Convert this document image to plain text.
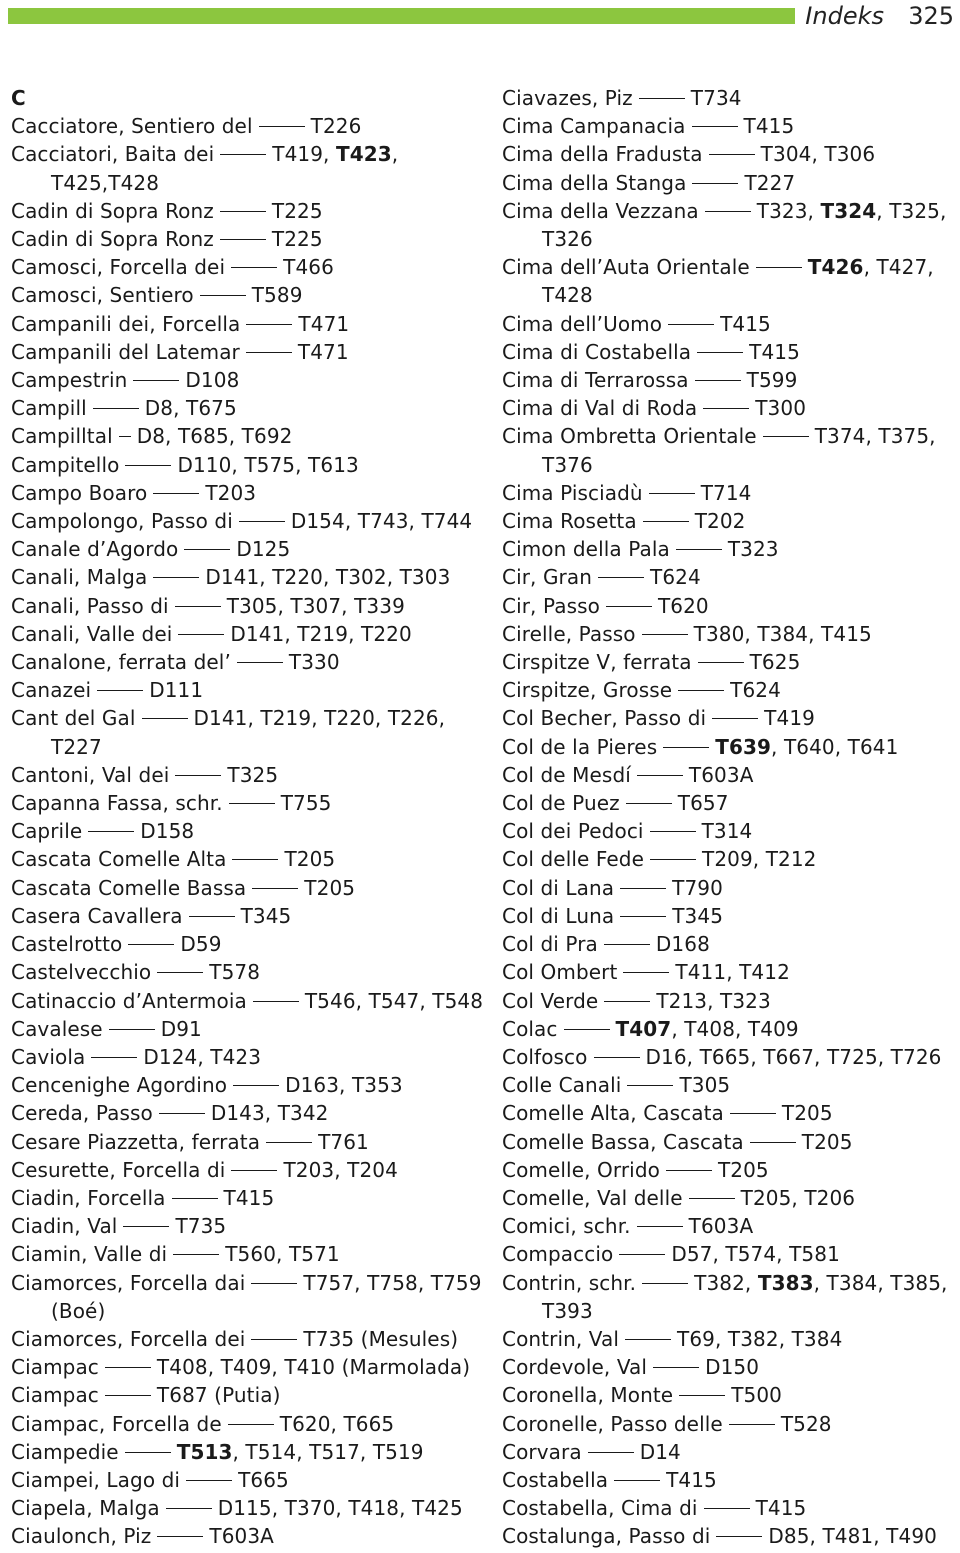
Indeks 325
C
Cacciatore, Sentiero del	T226
Cacciatori, Baita dei	T419, T423,
T425,T428
Cadin di Sopra Ronz	T225
Cadin di Sopra Ronz	T225
Camosci, Forcella dei	T466
Camosci, Sentiero	T589
Campanili dei, Forcella	T471
Campanili del Latemar	T471
Campestrin	D108
Campill	D8, T675
Campilltal D8, T685, T692
Campitello	D110, T575, T613
Campo Boaro	T203
Campolongo, Passo di	D154, T743, T744
Canale d’Agordo	D125
Canali, Malga	D141, T220, T302, T303
Canali, Passo di	T305, T307, T339
Canali, Valle dei	D141, T219, T220
Canalone, ferrata del’	T330
Canazei	D111
Cant del Gal	D141, T219, T220, T226,
T227
Cantoni, Val dei	T325
Capanna Fassa, schr.	T755
Caprile	D158
Cascata Comelle Alta	T205
Cascata Comelle Bassa	T205
Casera Cavallera	T345
Castelrotto	D59
Castelvecchio	T578
Catinaccio d’Antermoia	T546, T547, T548
Cavalese	D91
Caviola	D124, T423
Cencenighe Agordino	D163, T353
Cereda, Passo	D143, T342
Cesare Piazzetta, ferrata	T761
Cesurette, Forcella di	T203, T204
Ciadin, Forcella	T415
Ciadin, Val	T735
Ciamin, Valle di	T560, T571
Ciamorces, Forcella dai	T757, T758, T759
(Boé)
Ciamorces, Forcella dei	T735 (Mesules)
Ciampac	T408, T409, T410 (Marmolada)
Ciampac	T687 (Putia)
Ciampac, Forcella de	T620, T665
Ciampedie	T513, T514, T517, T519
Ciampei, Lago di	T665
Ciapela, Malga	D115, T370, T418, T425
Ciaulonch, Piz	T603A
Ciavazes, Piz	T734
Cima Campanacia	T415
Cima della Fradusta	T304, T306
Cima della Stanga	T227
Cima della Vezzana	T323, T324, T325,
T326
Cima dell’Auta Orientale	T426, T427,
T428
Cima dell’Uomo	T415
Cima di Costabella	T415
Cima di Terrarossa	T599
Cima di Val di Roda	T300
Cima Ombretta Orientale	T374, T375,
T376
Cima Pisciadù	T714
Cima Rosetta	T202
Cimon della Pala	T323
Cir, Gran	T624
Cir, Passo	T620
Cirelle, Passo	T380, T384, T415
Cirspitze V, ferrata	T625
Cirspitze, Grosse	T624
Col Becher, Passo di	T419
Col de la Pieres	T639, T640, T641
Col de Mesdí	T603A
Col de Puez	T657
Col dei Pedoci	T314
Col delle Fede	T209, T212
Col di Lana	T790
Col di Luna	T345
Col di Pra	D168
Col Ombert	T411, T412
Col Verde	T213, T323
Colac	T407, T408, T409
Colfosco	D16, T665, T667, T725, T726
Colle Canali	T305
Comelle Alta, Cascata	T205
Comelle Bassa, Cascata	T205
Comelle, Orrido	T205
Comelle, Val delle	T205, T206
Comici, schr.	T603A
Compaccio	D57, T574, T581
Contrin, schr.	T382, T383, T384, T385,
T393
Contrin, Val	T69, T382, T384
Cordevole, Val	D150
Coronella, Monte	T500
Coronelle, Passo delle	T528
Corvara	D14
Costabella	T415
Costabella, Cima di	T415
Costalunga, Passo di	D85, T481, T490
